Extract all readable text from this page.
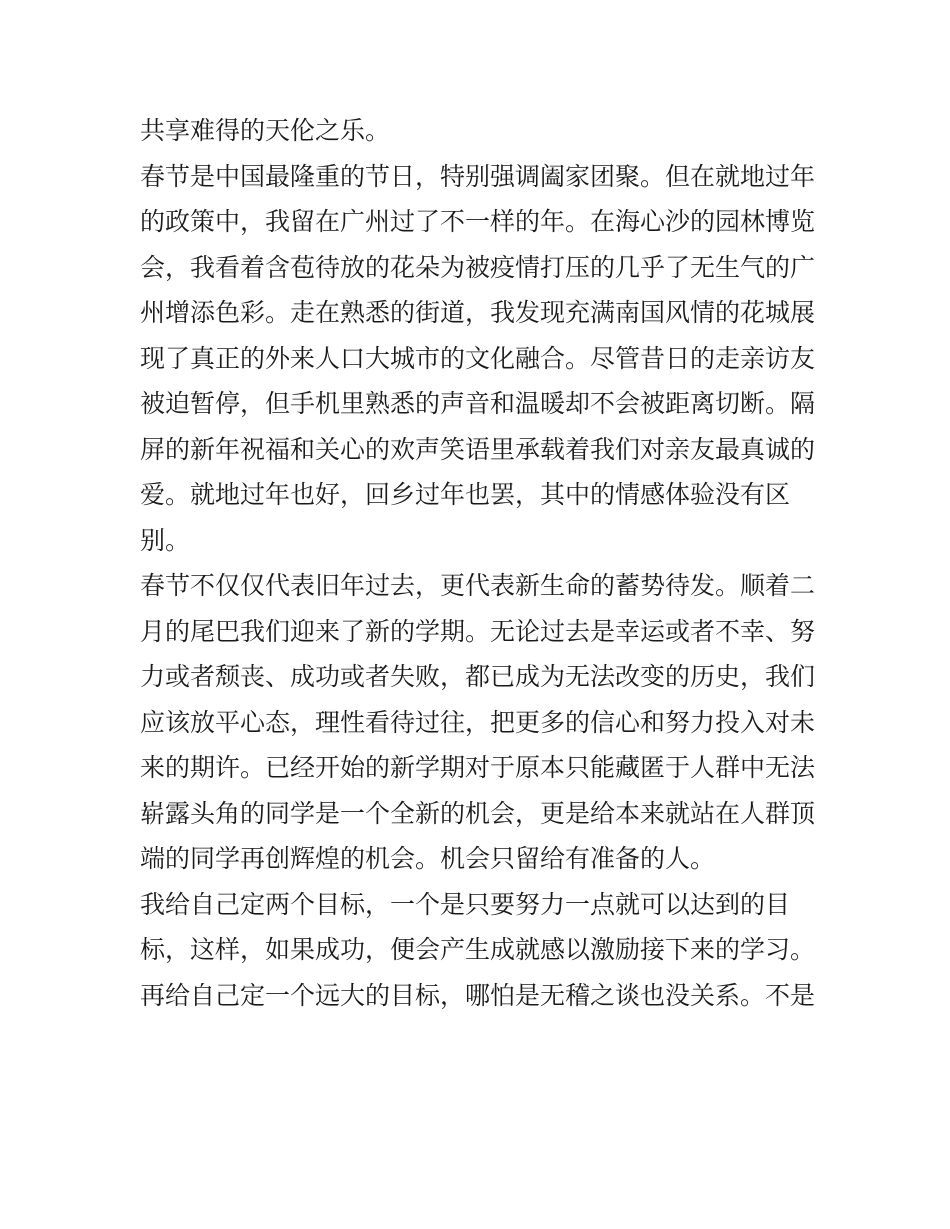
共享难得的天伦之乐。
春节是中国最隆重的节日，特别强调阖家团聚。但在就地过年
的政策中，我留在广州过了不一样的年。在海心沙的园林博览
会，我看着含苞待放的花朵为被疫情打压的几乎了无生气的广
州增添色彩。走在熟悉的街道，我发现充满南国风情的花城展
现了真正的外来人口大城市的文化融合。尽管昔日的走亲访友
被迫暂停，但手机里熟悉的声音和温暖却不会被距离切断。隔
屏的新年祝福和关心的欢声笑语里承载着我们对亲友最真诚的
爱。就地过年也好，回乡过年也罢，其中的情感体验没有区
别。
春节不仅仅代表旧年过去，更代表新生命的蓄势待发。顺着二
月的尾巴我们迎来了新的学期。无论过去是幸运或者不幸、努
力或者颓丧、成功或者失败，都已成为无法改变的历史，我们
应该放平心态，理性看待过往，把更多的信心和努力投入对未
来的期许。已经开始的新学期对于原本只能藏匿于人群中无法
崭露头角的同学是一个全新的机会，更是给本来就站在人群顶
端的同学再创辉煌的机会。机会只留给有准备的人。
我给自己定两个目标，一个是只要努力一点就可以达到的目
标，这样，如果成功，便会产生成就感以激励接下来的学习。
再给自己定一个远大的目标，哪怕是无稽之谈也没关系。不是
